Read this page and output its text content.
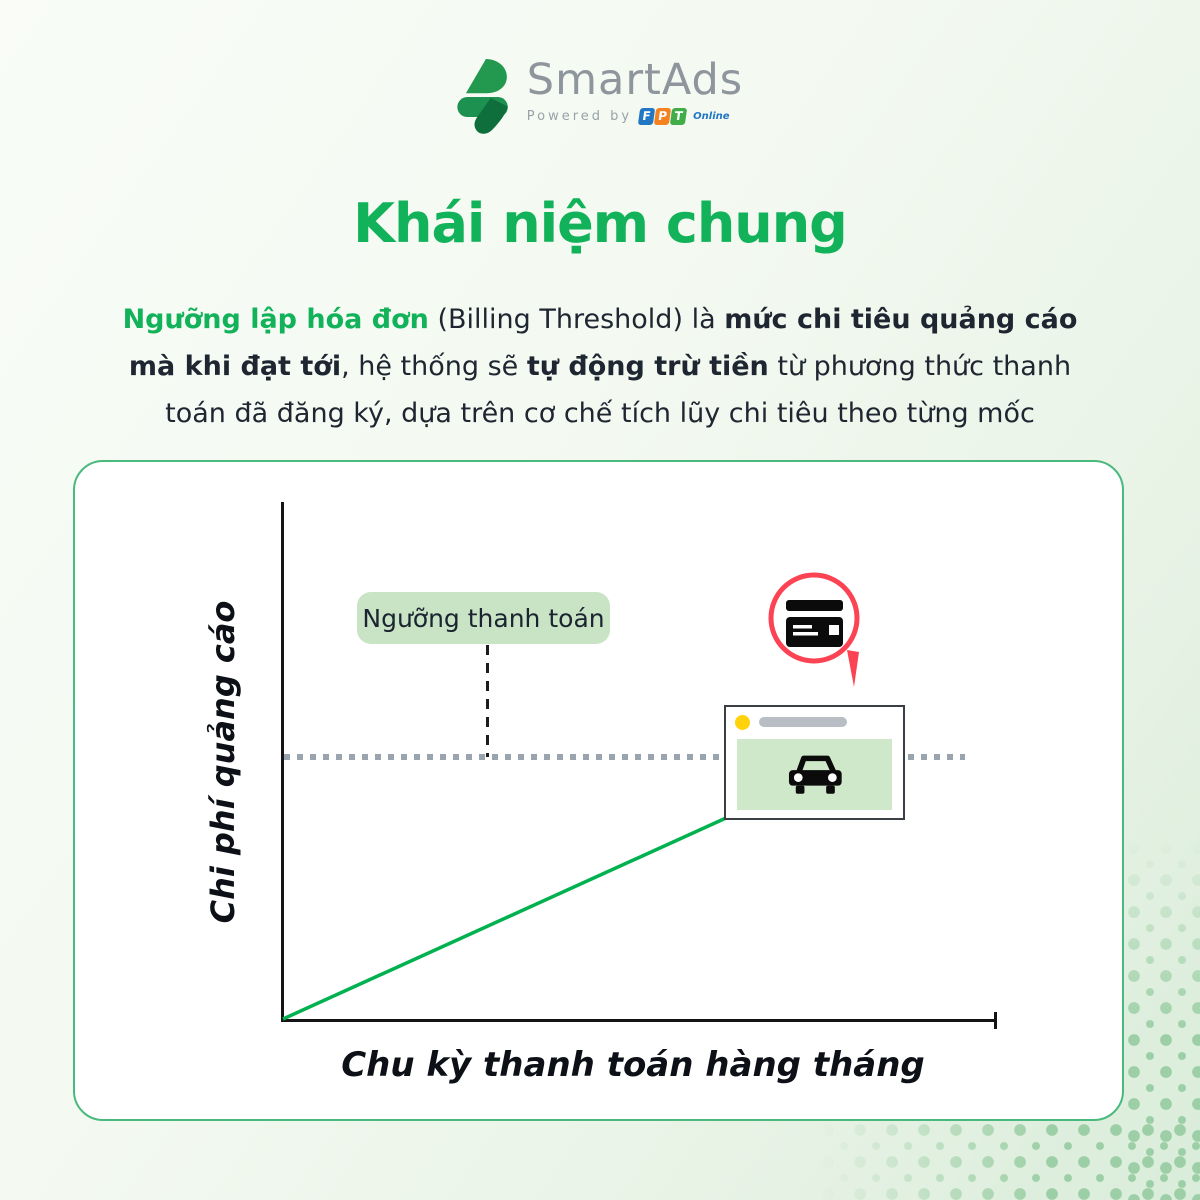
SmartAds
Powered by F P T Online
Khái niệm chung

Ngưỡng lập hóa đơn (Billing Threshold) là mức chi tiêu quảng cáo
mà khi đạt tới, hệ thống sẽ tự động trừ tiền từ phương thức thanh
toán đã đăng ký, dựa trên cơ chế tích lũy chi tiêu theo từng mốc

Chi phí quảng cáo
Chu kỳ thanh toán hàng tháng
Ngưỡng thanh toán
